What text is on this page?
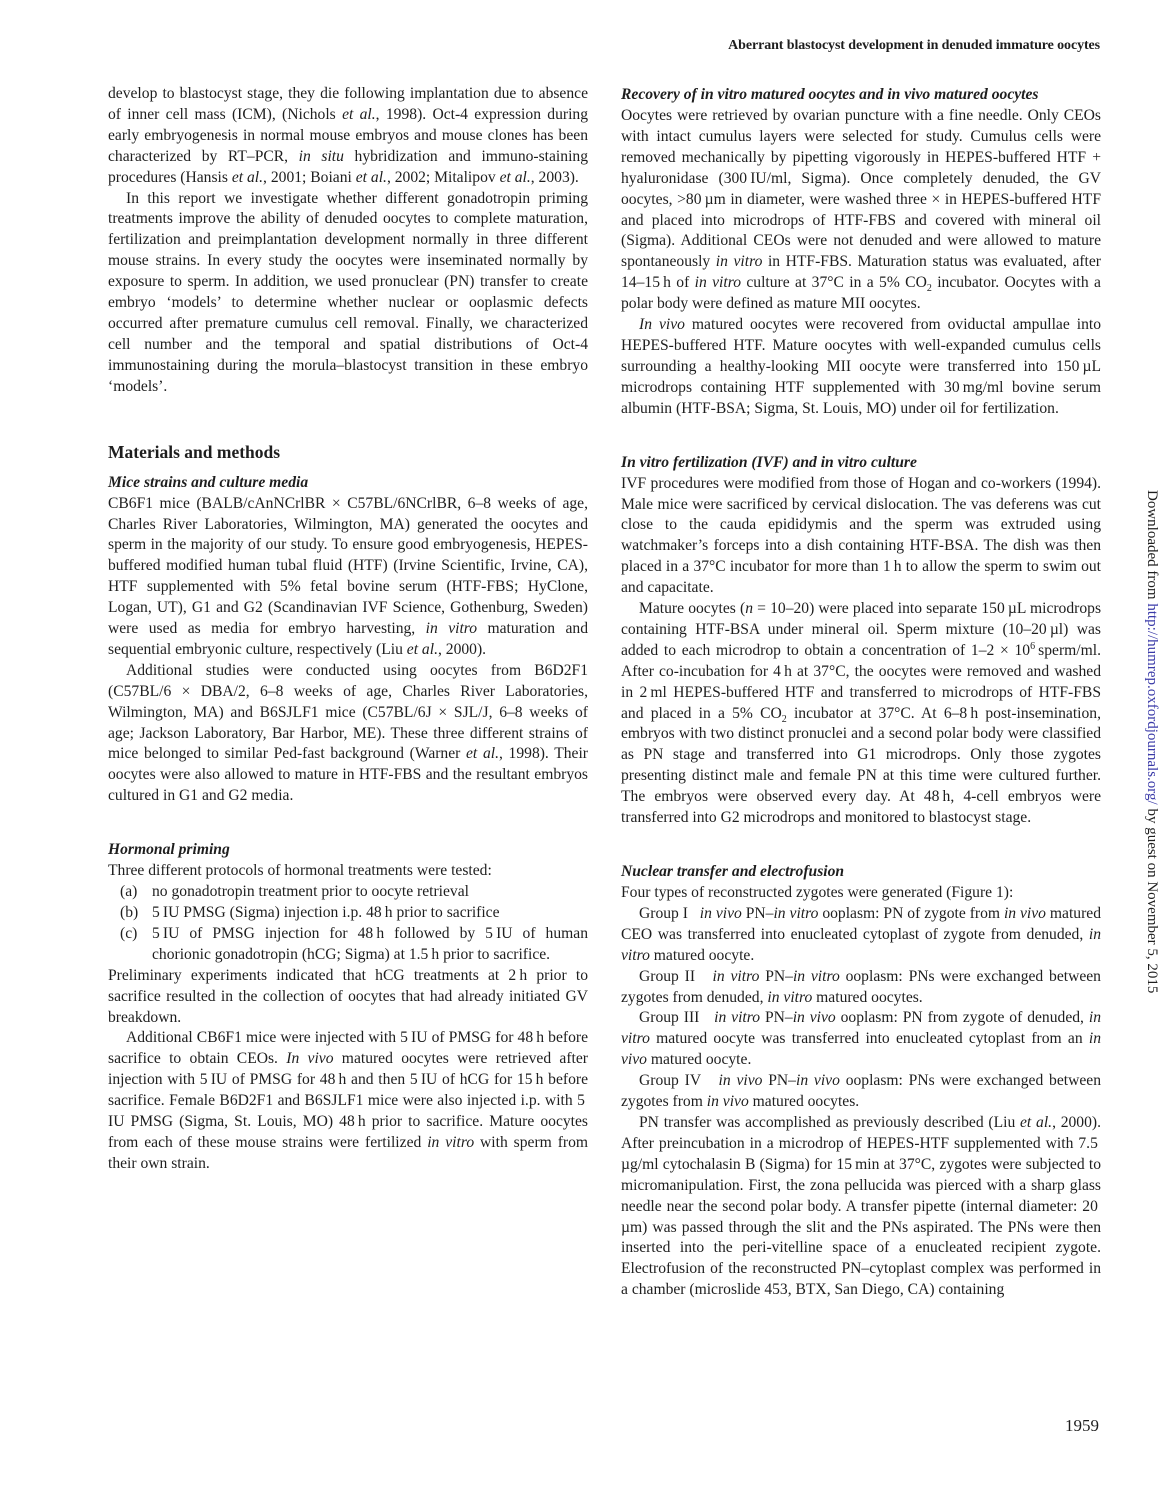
Aberrant blastocyst development in denuded immature oocytes

develop to blastocyst stage, they die following implantation due to absence of inner cell mass (ICM), (Nichols et al., 1998). Oct-4 expression during early embryogenesis in normal mouse embryos and mouse clones has been characterized by RT–PCR, in situ hybridization and immuno-staining procedures (Hansis et al., 2001; Boiani et al., 2002; Mitalipov et al., 2003).

In this report we investigate whether different gonadotropin priming treatments improve the ability of denuded oocytes to complete maturation, fertilization and preimplantation development normally in three different mouse strains. In every study the oocytes were inseminated normally by exposure to sperm. In addition, we used pronuclear (PN) transfer to create embryo ‘models’ to determine whether nuclear or ooplasmic defects occurred after premature cumulus cell removal. Finally, we characterized cell number and the temporal and spatial distributions of Oct-4 immunostaining during the morula–blastocyst transition in these embryo ‘models’.

Materials and methods
Mice strains and culture media

CB6F1 mice (BALB/cAnNCrlBR × C57BL/6NCrlBR, 6–8 weeks of age, Charles River Laboratories, Wilmington, MA) generated the oocytes and sperm in the majority of our study. To ensure good embryogenesis, HEPES-buffered modified human tubal fluid (HTF) (Irvine Scientific, Irvine, CA), HTF supplemented with 5% fetal bovine serum (HTF-FBS; HyClone, Logan, UT), G1 and G2 (Scandinavian IVF Science, Gothenburg, Sweden) were used as media for embryo harvesting, in vitro maturation and sequential embryonic culture, respectively (Liu et al., 2000).

Additional studies were conducted using oocytes from B6D2F1 (C57BL/6 × DBA/2, 6–8 weeks of age, Charles River Laboratories, Wilmington, MA) and B6SJLF1 mice (C57BL/6J × SJL/J, 6–8 weeks of age; Jackson Laboratory, Bar Harbor, ME). These three different strains of mice belonged to similar Ped-fast background (Warner et al., 1998). Their oocytes were also allowed to mature in HTF-FBS and the resultant embryos cultured in G1 and G2 media.

Hormonal priming

Three different protocols of hormonal treatments were tested:

(a) no gonadotropin treatment prior to oocyte retrieval
(b) 5 IU PMSG (Sigma) injection i.p. 48 h prior to sacrifice
(c) 5 IU of PMSG injection for 48 h followed by 5 IU of human chorionic gonadotropin (hCG; Sigma) at 1.5 h prior to sacrifice.

Preliminary experiments indicated that hCG treatments at 2 h prior to sacrifice resulted in the collection of oocytes that had already initiated GV breakdown.

Additional CB6F1 mice were injected with 5 IU of PMSG for 48 h before sacrifice to obtain CEOs. In vivo matured oocytes were retrieved after injection with 5 IU of PMSG for 48 h and then 5 IU of hCG for 15 h before sacrifice. Female B6D2F1 and B6SJLF1 mice were also injected i.p. with 5 IU PMSG (Sigma, St. Louis, MO) 48 h prior to sacrifice. Mature oocytes from each of these mouse strains were fertilized in vitro with sperm from their own strain.

Recovery of in vitro matured oocytes and in vivo matured oocytes

Oocytes were retrieved by ovarian puncture with a fine needle. Only CEOs with intact cumulus layers were selected for study. Cumulus cells were removed mechanically by pipetting vigorously in HEPES-buffered HTF + hyaluronidase (300 IU/ml, Sigma). Once completely denuded, the GV oocytes, >80 µm in diameter, were washed three × in HEPES-buffered HTF and placed into microdrops of HTF-FBS and covered with mineral oil (Sigma). Additional CEOs were not denuded and were allowed to mature spontaneously in vitro in HTF-FBS. Maturation status was evaluated, after 14–15 h of in vitro culture at 37°C in a 5% $CO_2$ incubator. Oocytes with a polar body were defined as mature MII oocytes.

In vivo matured oocytes were recovered from oviductal ampullae into HEPES-buffered HTF. Mature oocytes with well-expanded cumulus cells surrounding a healthy-looking MII oocyte were transferred into 150 µL microdrops containing HTF supplemented with 30 mg/ml bovine serum albumin (HTF-BSA; Sigma, St. Louis, MO) under oil for fertilization.

In vitro fertilization (IVF) and in vitro culture

IVF procedures were modified from those of Hogan and co-workers (1994). Male mice were sacrificed by cervical dislocation. The vas deferens was cut close to the cauda epididymis and the sperm was extruded using watchmaker’s forceps into a dish containing HTF-BSA. The dish was then placed in a 37°C incubator for more than 1 h to allow the sperm to swim out and capacitate.

Mature oocytes (n = 10–20) were placed into separate 150 µL microdrops containing HTF-BSA under mineral oil. Sperm mixture (10–20 µl) was added to each microdrop to obtain a concentration of $1-2 \times 10^6$ sperm/ml. After co-incubation for 4 h at 37°C, the oocytes were removed and washed in 2 ml HEPES-buffered HTF and transferred to microdrops of HTF-FBS and placed in a 5% $CO_2$ incubator at 37°C. At 6–8 h post-insemination, embryos with two distinct pronuclei and a second polar body were classified as PN stage and transferred into G1 microdrops. Only those zygotes presenting distinct male and female PN at this time were cultured further. The embryos were observed every day. At 48 h, 4-cell embryos were transferred into G2 microdrops and monitored to blastocyst stage.

Nuclear transfer and electrofusion

Four types of reconstructed zygotes were generated (Figure 1):

Group I in vivo PN–in vitro ooplasm: PN of zygote from in vivo matured CEO was transferred into enucleated cytoplast of zygote from denuded, in vitro matured oocyte.

Group II in vitro PN–in vitro ooplasm: PNs were exchanged between zygotes from denuded, in vitro matured oocytes.

Group III in vitro PN–in vivo ooplasm: PN from zygote of denuded, in vitro matured oocyte was transferred into enucleated cytoplast from an in vivo matured oocyte.

Group IV in vivo PN–in vivo ooplasm: PNs were exchanged between zygotes from in vivo matured oocytes.

PN transfer was accomplished as previously described (Liu et al., 2000). After preincubation in a microdrop of HEPES-HTF supplemented with 7.5 µg/ml cytochalasin B (Sigma) for 15 min at 37°C, zygotes were subjected to micromanipulation. First, the zona pellucida was pierced with a sharp glass needle near the second polar body. A transfer pipette (internal diameter: 20 µm) was passed through the slit and the PNs aspirated. The PNs were then inserted into the peri-vitelline space of a enucleated recipient zygote. Electrofusion of the reconstructed PN–cytoplast complex was performed in a chamber (microslide 453, BTX, San Diego, CA) containing

1959
Downloaded from http://humrep.oxfordjournals.org/ by guest on November 5, 2015
